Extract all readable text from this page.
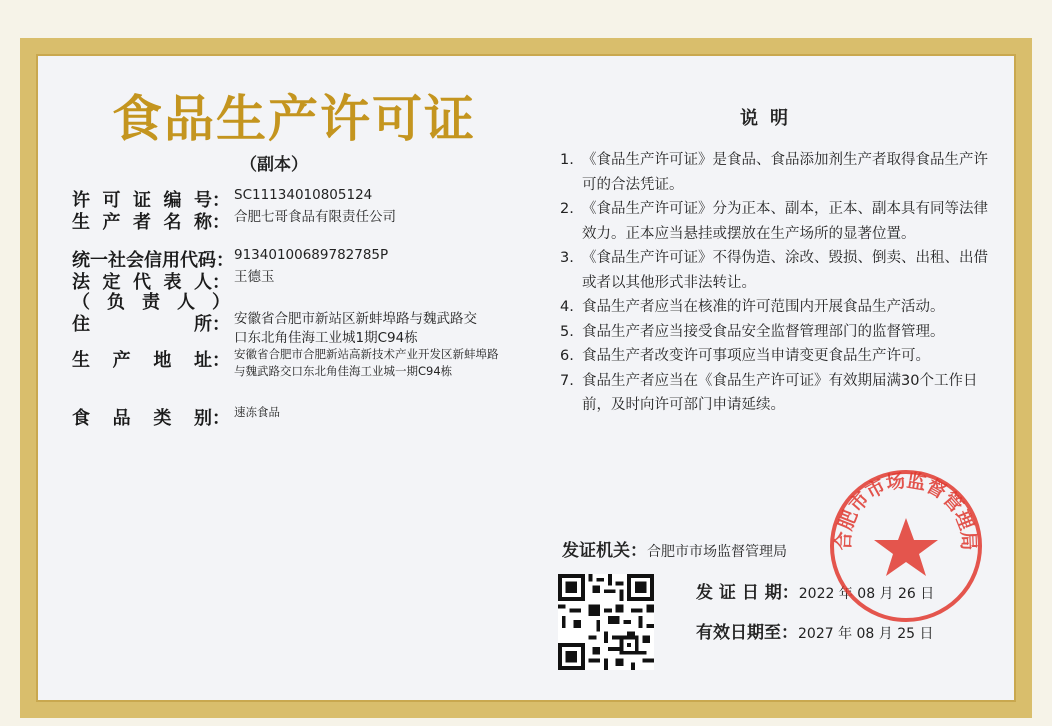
食品生产许可证
（副本）
许 可 证 编 号： SC11134010805124
生 产 者 名 称： 合肥七哥食品有限责任公司
统一社会信用代码： 91340100689782785P
法 定 代 表 人： 王德玉
（ 负 责 人 ）
住	所： 安徽省合肥市新站区新蚌埠路与魏武路交
口东北角佳海工业城1期C94栋
生 产 地 址： 安徽省合肥市合肥新站高新技术产业开发区新蚌埠路
与魏武路交口东北角佳海工业城一期C94栋
食 品 类 别： 速冻食品
说明
1. 《食品生产许可证》是食品、食品添加剂生产者取得食品生产许可的合法凭证。
2. 《食品生产许可证》分为正本、副本，正本、副本具有同等法律效力。正本应当悬挂或摆放在生产场所的显著位置。
3. 《食品生产许可证》不得伪造、涂改、毁损、倒卖、出租、出借或者以其他形式非法转让。
4. 食品生产者应当在核准的许可范围内开展食品生产活动。
5. 食品生产者应当接受食品安全监督管理部门的监督管理。
6. 食品生产者改变许可事项应当申请变更食品生产许可。
7. 食品生产者应当在《食品生产许可证》有效期届满30个工作日前，及时向许可部门申请延续。
发证机关：合肥市市场监督管理局
发 证 日 期：2022 年 08 月 26 日
有效日期至：2027 年 08 月 25 日
合肥市市场监督管理局
